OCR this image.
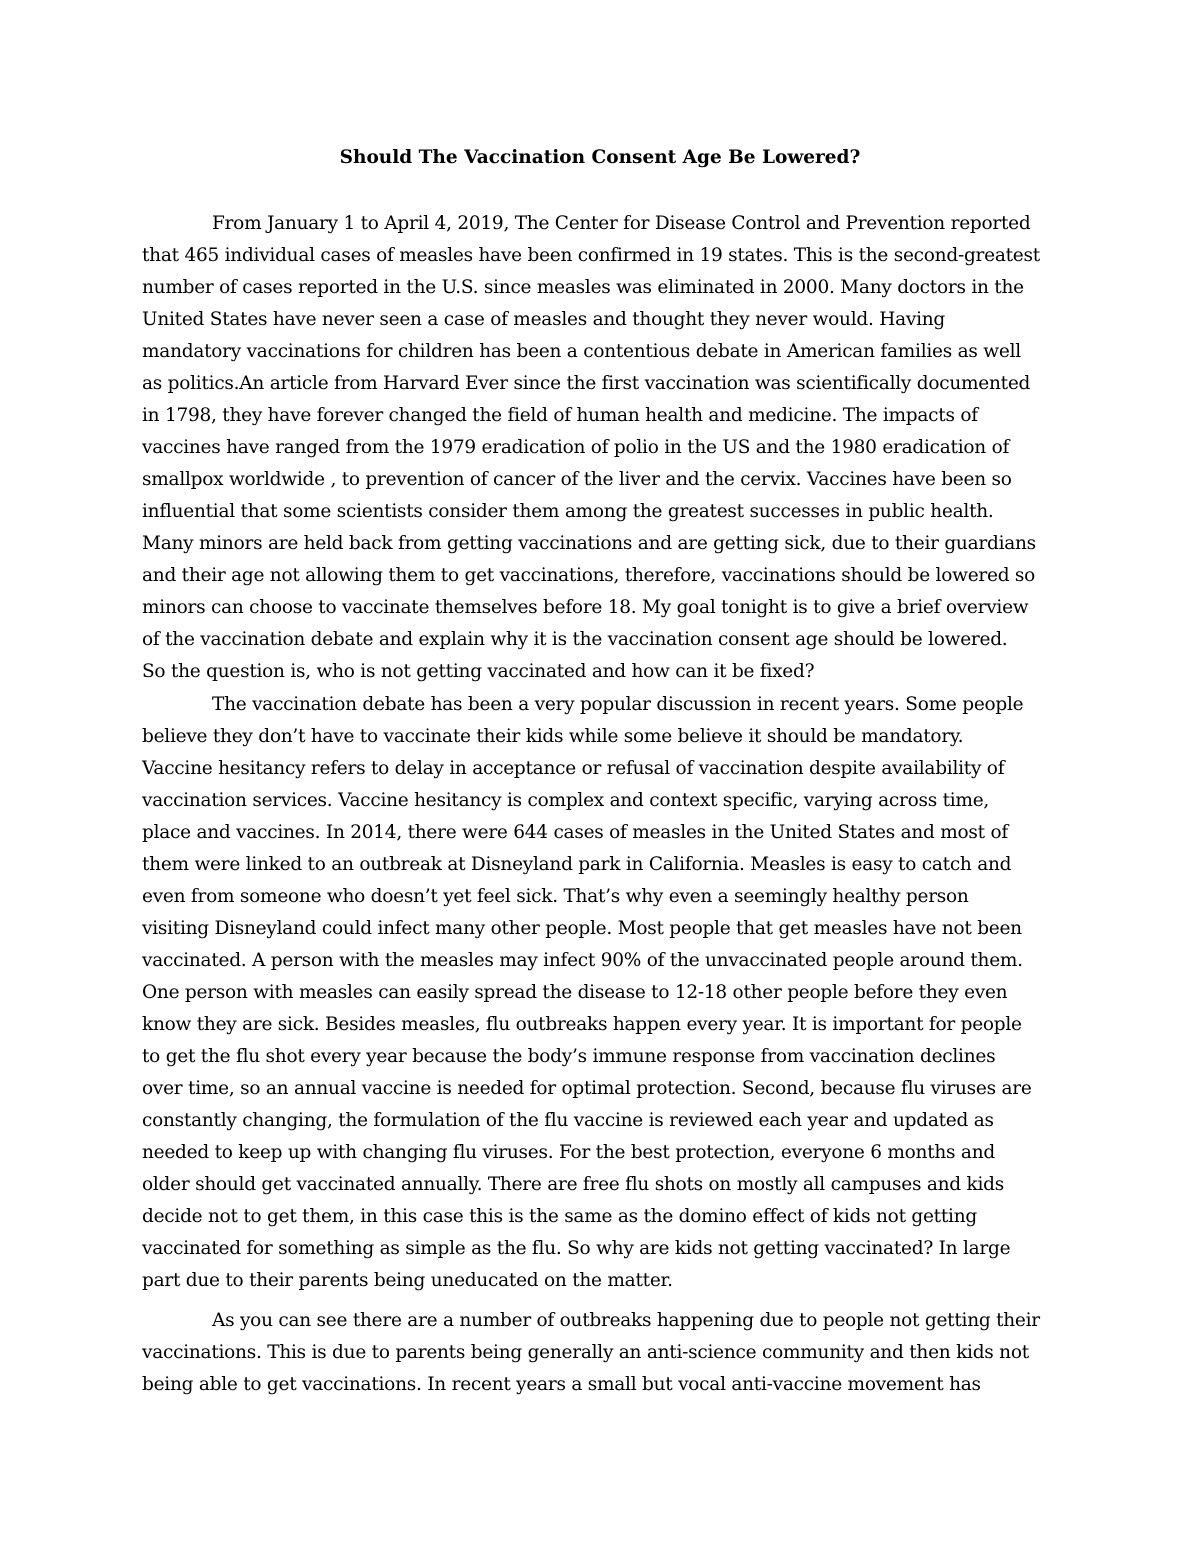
Should The Vaccination Consent Age Be Lowered?
From January 1 to April 4, 2019, The Center for Disease Control and Prevention reported
that 465 individual cases of measles have been confirmed in 19 states. This is the second-greatest
number of cases reported in the U.S. since measles was eliminated in 2000. Many doctors in the
United States have never seen a case of measles and thought they never would. Having
mandatory vaccinations for children has been a contentious debate in American families as well
as politics.An article from Harvard Ever since the first vaccination was scientifically documented
in 1798, they have forever changed the field of human health and medicine. The impacts of
vaccines have ranged from the 1979 eradication of polio in the US and the 1980 eradication of
smallpox worldwide , to prevention of cancer of the liver and the cervix. Vaccines have been so
influential that some scientists consider them among the greatest successes in public health.
Many minors are held back from getting vaccinations and are getting sick, due to their guardians
and their age not allowing them to get vaccinations, therefore, vaccinations should be lowered so
minors can choose to vaccinate themselves before 18. My goal tonight is to give a brief overview
of the vaccination debate and explain why it is the vaccination consent age should be lowered.
So the question is, who is not getting vaccinated and how can it be fixed?
The vaccination debate has been a very popular discussion in recent years. Some people
believe they don’t have to vaccinate their kids while some believe it should be mandatory.
Vaccine hesitancy refers to delay in acceptance or refusal of vaccination despite availability of
vaccination services. Vaccine hesitancy is complex and context specific, varying across time,
place and vaccines. In 2014, there were 644 cases of measles in the United States and most of
them were linked to an outbreak at Disneyland park in California. Measles is easy to catch and
even from someone who doesn’t yet feel sick. That’s why even a seemingly healthy person
visiting Disneyland could infect many other people. Most people that get measles have not been
vaccinated. A person with the measles may infect 90% of the unvaccinated people around them.
One person with measles can easily spread the disease to 12-18 other people before they even
know they are sick. Besides measles, flu outbreaks happen every year. It is important for people
to get the flu shot every year because the body’s immune response from vaccination declines
over time, so an annual vaccine is needed for optimal protection. Second, because flu viruses are
constantly changing, the formulation of the flu vaccine is reviewed each year and updated as
needed to keep up with changing flu viruses. For the best protection, everyone 6 months and
older should get vaccinated annually. There are free flu shots on mostly all campuses and kids
decide not to get them, in this case this is the same as the domino effect of kids not getting
vaccinated for something as simple as the flu. So why are kids not getting vaccinated? In large
part due to their parents being uneducated on the matter.
As you can see there are a number of outbreaks happening due to people not getting their
vaccinations. This is due to parents being generally an anti-science community and then kids not
being able to get vaccinations. In recent years a small but vocal anti-vaccine movement has
